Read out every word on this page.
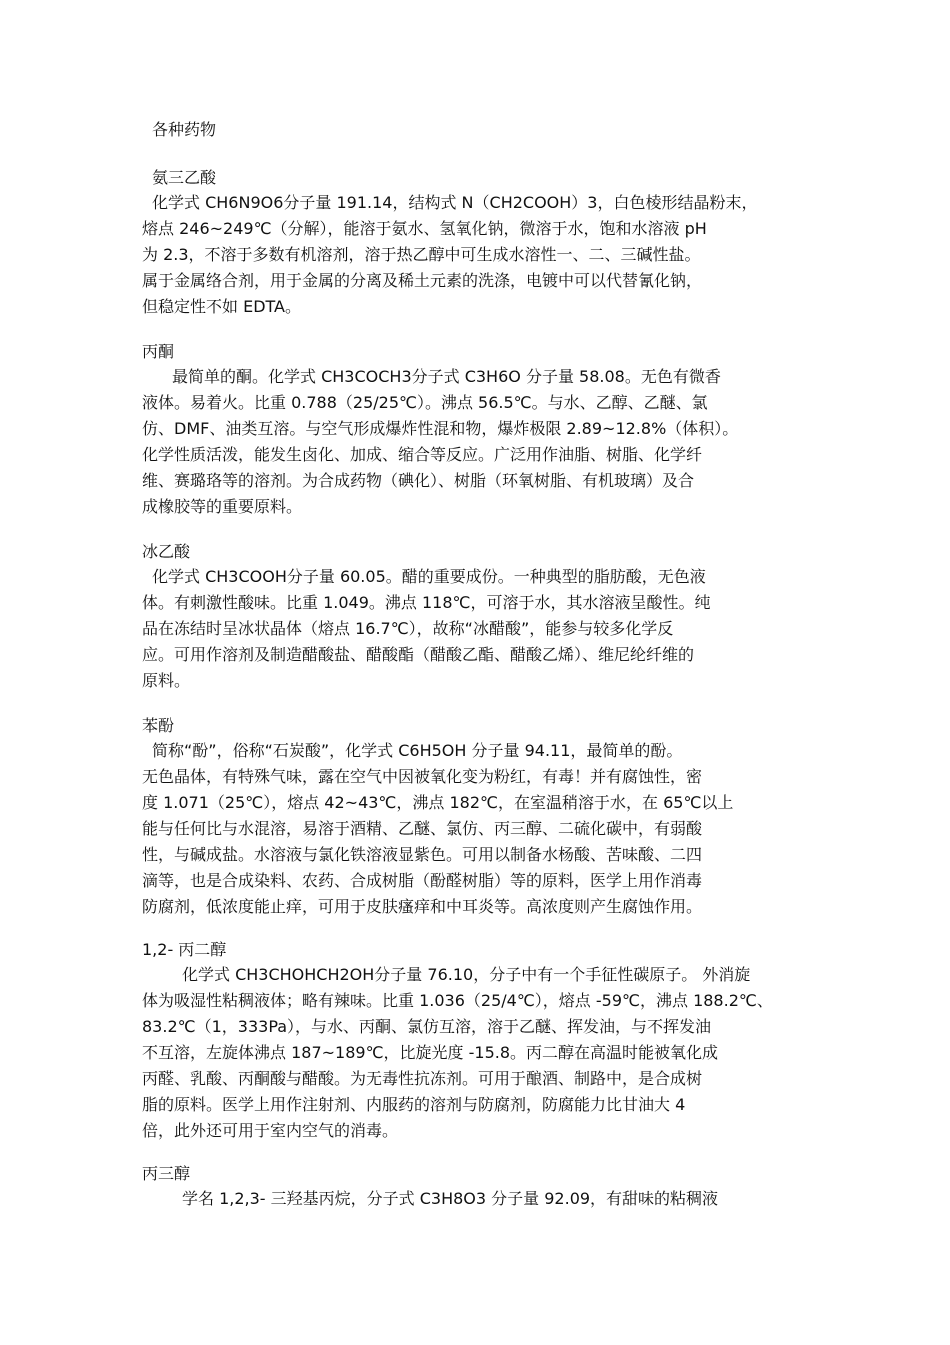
各种药物
氨三乙酸
化学式 CH6N9O6分子量 191.14，结构式 N（CH2COOH）3，白色棱形结晶粉末，
熔点 246~249℃（分解），能溶于氨水、氢氧化钠，微溶于水，饱和水溶液 pH
为 2.3，不溶于多数有机溶剂，溶于热乙醇中可生成水溶性一、二、三碱性盐。
属于金属络合剂，用于金属的分离及稀土元素的洗涤，电镀中可以代替氰化钠，
但稳定性不如 EDTA。
丙酮
最简单的酮。化学式 CH3COCH3分子式 C3H6O 分子量 58.08。无色有微香
液体。易着火。比重 0.788（25/25℃）。沸点 56.5℃。与水、乙醇、乙醚、氯
仿、DMF、油类互溶。与空气形成爆炸性混和物，爆炸极限 2.89~12.8%（体积）。
化学性质活泼，能发生卤化、加成、缩合等反应。广泛用作油脂、树脂、化学纤
维、赛璐珞等的溶剂。为合成药物（碘化）、树脂（环氧树脂、有机玻璃）及合
成橡胶等的重要原料。
冰乙酸
化学式 CH3COOH分子量 60.05。醋的重要成份。一种典型的脂肪酸，无色液
体。有刺激性酸味。比重 1.049。沸点 118℃，可溶于水，其水溶液呈酸性。纯
品在冻结时呈冰状晶体（熔点 16.7℃），故称“冰醋酸”，能参与较多化学反
应。可用作溶剂及制造醋酸盐、醋酸酯（醋酸乙酯、醋酸乙烯）、维尼纶纤维的
原料。
苯酚
简称“酚”，俗称“石炭酸”，化学式 C6H5OH 分子量 94.11，最简单的酚。
无色晶体，有特殊气味，露在空气中因被氧化变为粉红，有毒！并有腐蚀性，密
度 1.071（25℃），熔点 42~43℃，沸点 182℃，在室温稍溶于水，在 65℃以上
能与任何比与水混溶，易溶于酒精、乙醚、氯仿、丙三醇、二硫化碳中，有弱酸
性，与碱成盐。水溶液与氯化铁溶液显紫色。可用以制备水杨酸、苦味酸、二四
滴等，也是合成染料、农药、合成树脂（酚醛树脂）等的原料，医学上用作消毒
防腐剂，低浓度能止痒，可用于皮肤瘙痒和中耳炎等。高浓度则产生腐蚀作用。
1,2- 丙二醇
化学式 CH3CHOHCH2OH分子量 76.10，分子中有一个手征性碳原子。 外消旋
体为吸湿性粘稠液体；略有辣味。比重 1.036（25/4℃），熔点 -59℃，沸点 188.2℃、
83.2℃（1，333Pa），与水、丙酮、氯仿互溶，溶于乙醚、挥发油，与不挥发油
不互溶，左旋体沸点 187~189℃，比旋光度 -15.8。丙二醇在高温时能被氧化成
丙醛、乳酸、丙酮酸与醋酸。为无毒性抗冻剂。可用于酿酒、制路中，是合成树
脂的原料。医学上用作注射剂、内服药的溶剂与防腐剂，防腐能力比甘油大 4
倍，此外还可用于室内空气的消毒。
丙三醇
学名 1,2,3- 三羟基丙烷，分子式 C3H8O3 分子量 92.09，有甜味的粘稠液
